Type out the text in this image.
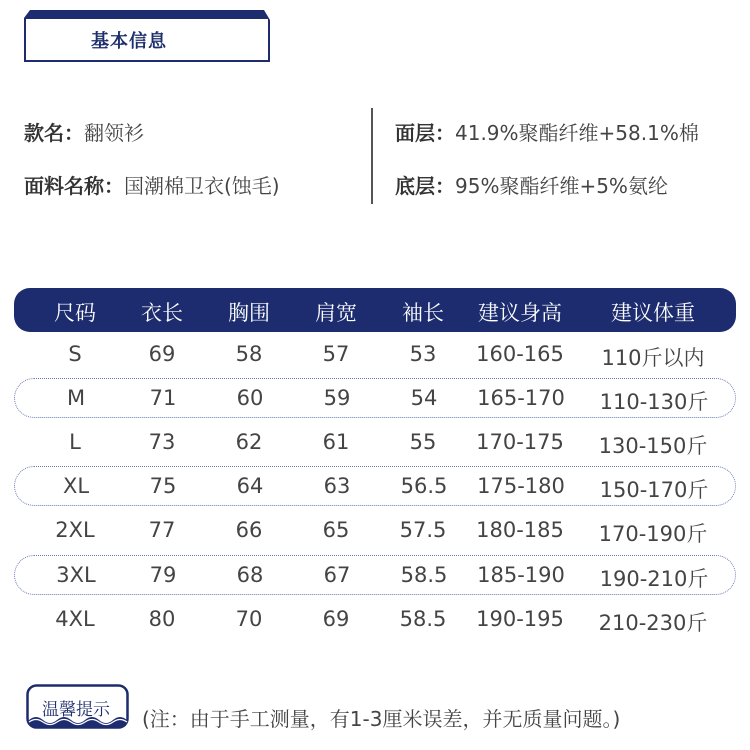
基本信息
款名：翻领衫
面料名称：国潮棉卫衣(蚀毛)
面层：41.9%聚酯纤维+58.1%棉
底层：95%聚酯纤维+5%氨纶
尺码	衣长	胸围	肩宽	袖长	建议身高	建议体重
S	69	58	57	53	160-165	110斤以内
M	71	60	59	54	165-170	110-130斤
L	73	62	61	55	170-175	130-150斤
XL	75	64	63	56.5	175-180	150-170斤
2XL	77	66	65	57.5	180-185	170-190斤
3XL	79	68	67	58.5	185-190	190-210斤
4XL	80	70	69	58.5	190-195	210-230斤
温馨提示	(注：由于手工测量，有1-3厘米误差，并无质量问题。)
